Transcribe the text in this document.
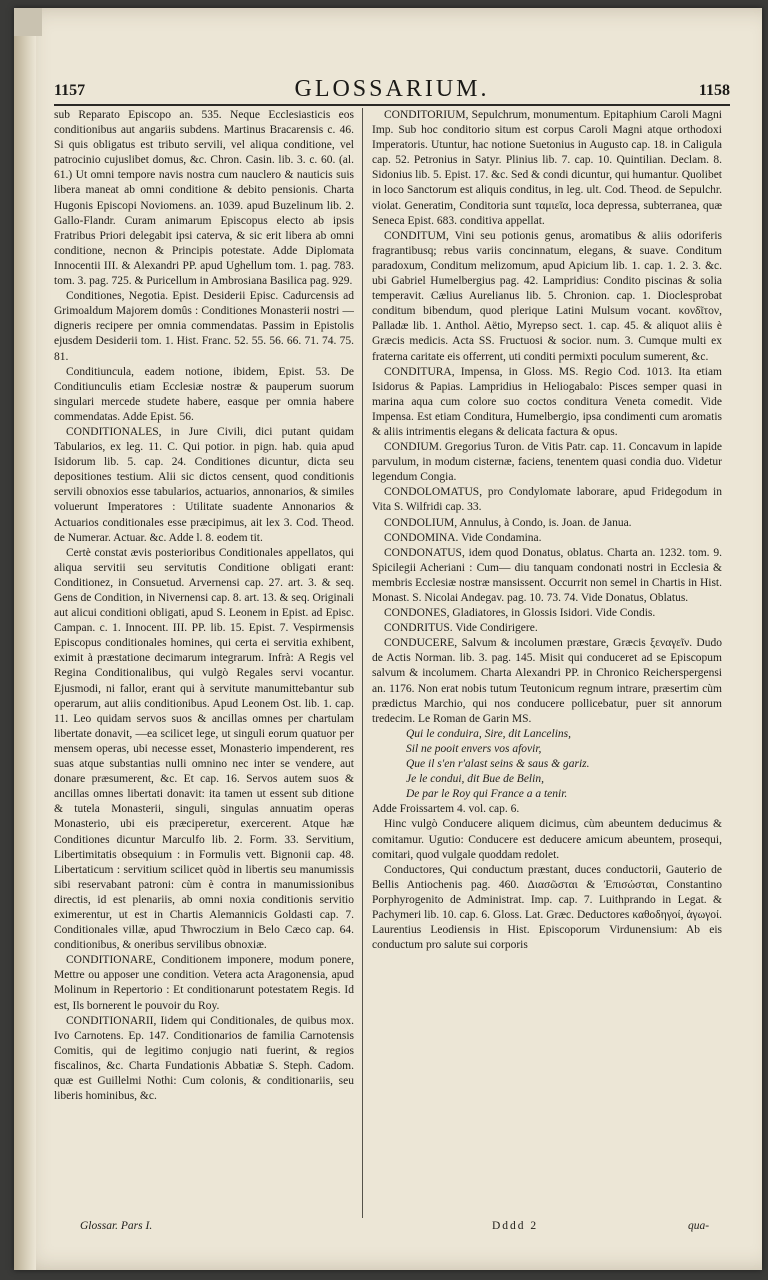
1157	GLOSSARIUM.	1158

sub Reparato Episcopo an. 535. Neque Ecclesiasticis eos conditionibus aut angariis subdens. Martinus Bracarensis c. 46. Si quis obligatus est tributo servili, vel aliqua conditione, vel patrocinio cujuslibet domus, &c. Chron. Casin. lib. 3. c. 60. (al. 61.) Ut omni tempore navis nostra cum nauclero & nauticis suis libera maneat ab omni conditione & debito pensionis. Charta Hugonis Episcopi Noviomens. an. 1039. apud Buzelinum lib. 2. Gallo-Flandr. Curam animarum Episcopus electo ab ipsis Fratribus Priori delegabit ipsi caterva, & sic erit libera ab omni conditione, necnon & Principis potestate. Adde Diplomata Innocentii III. & Alexandri PP. apud Ughellum tom. 1. pag. 783. tom. 3. pag. 725. & Puricellum in Ambrosiana Basilica pag. 929.

Conditiones, Negotia. Epist. Desiderii Episc. Cadurcensis ad Grimoaldum Majorem domûs : Conditiones Monasterii nostri —digneris recipere per omnia commendatas. Passim in Epistolis ejusdem Desiderii tom. 1. Hist. Franc. 52. 55. 56. 66. 71. 74. 75. 81.

Conditiuncula, eadem notione, ibidem, Epist. 53. De Conditiunculis etiam Ecclesiæ nostræ & pauperum suorum singulari mercede studete habere, easque per omnia habere commendatas. Adde Epist. 56.

CONDITIONALES, in Jure Civili, dici putant quidam Tabularios, ex leg. 11. C. Qui potior. in pign. hab. quia apud Isidorum lib. 5. cap. 24. Conditiones dicuntur, dicta seu depositiones testium. Alii sic dictos censent, quod conditionis servili obnoxios esse tabularios, actuarios, annonarios, & similes voluerunt Imperatores : Utilitate suadente Annonarios & Actuarios conditionales esse præcipimus, ait lex 3. Cod. Theod. de Numerar. Actuar. &c. Adde l. 8. eodem tit.

Certè constat ævis posterioribus Conditionales appellatos, qui aliqua servitii seu servitutis Conditione obligati erant: Conditionez, in Consuetud. Arvernensi cap. 27. art. 3. & seq. Gens de Condition, in Nivernensi cap. 8. art. 13. & seq. Originali aut alicui conditioni obligati, apud S. Leonem in Epist. ad Episc. Campan. c. 1. Innocent. III. PP. lib. 15. Epist. 7. Vespirmensis Episcopus conditionales homines, qui certa ei servitia exhibent, eximit à præstatione decimarum integrarum. Infrà: A Regis vel Regina Conditionalibus, qui vulgò Regales servi vocantur. Ejusmodi, ni fallor, erant qui à servitute manumittebantur sub operarum, aut aliis conditionibus. Apud Leonem Ost. lib. 1. cap. 11. Leo quidam servos suos & ancillas omnes per chartulam libertate donavit, —ea scilicet lege, ut singuli eorum quatuor per mensem operas, ubi necesse esset, Monasterio impenderent, res suas atque substantias nulli omnino nec inter se vendere, aut donare præsumerent, &c. Et cap. 16. Servos autem suos & ancillas omnes libertati donavit: ita tamen ut essent sub ditione & tutela Monasterii, singuli, singulas annuatim operas Monasterio, ubi eis præciperetur, exercerent. Atque hæ Conditiones dicuntur Marculfo lib. 2. Form. 33. Servitium, Libertimitatis obsequium : in Formulis vett. Bignonii cap. 48. Libertaticum : servitium scilicet quòd in libertis seu manumissis sibi reservabant patroni: cùm è contra in manumissionibus directis, id est plenariis, ab omni noxia conditionis servitio eximerentur, ut est in Chartis Alemannicis Goldasti cap. 7. Conditionales villæ, apud Thwroczium in Belo Cæco cap. 64. conditionibus, & oneribus servilibus obnoxiæ.

CONDITIONARE, Conditionem imponere, modum ponere, Mettre ou apposer une condition. Vetera acta Aragonensia, apud Molinum in Repertorio : Et conditionarunt potestatem Regis. Id est, Ils bornerent le pouvoir du Roy.

CONDITIONARII, Iidem qui Conditionales, de quibus mox. Ivo Carnotens. Ep. 147. Conditionarios de familia Carnotensis Comitis, qui de legitimo conjugio nati fuerint, & regios fiscalinos, &c. Charta Fundationis Abbatiæ S. Steph. Cadom. quæ est Guillelmi Nothi: Cum colonis, & conditionariis, seu liberis hominibus, &c.

CONDITORIUM, Sepulchrum, monumentum. Epitaphium Caroli Magni Imp. Sub hoc conditorio situm est corpus Caroli Magni atque orthodoxi Imperatoris. Utuntur, hac notione Suetonius in Augusto cap. 18. in Caligula cap. 52. Petronius in Satyr. Plinius lib. 7. cap. 10. Quintilian. Declam. 8. Sidonius lib. 5. Epist. 17. &c. Sed & condi dicuntur, qui humantur. Quolibet in loco Sanctorum est aliquis conditus, in leg. ult. Cod. Theod. de Sepulchr. violat. Generatim, Conditoria sunt ταμιεῖα, loca depressa, subterranea, quæ Seneca Epist. 683. conditiva appellat.

CONDITUM, Vini seu potionis genus, aromatibus & aliis odoriferis fragrantibusq; rebus variis concinnatum, elegans, & suave. Conditum paradoxum, Conditum melizomum, apud Apicium lib. 1. cap. 1. 2. 3. &c. ubi Gabriel Humelbergius pag. 42. Lampridius: Condito piscinas & solia temperavit. Cælius Aurelianus lib. 5. Chronion. cap. 1. Dioclesprobat conditum bibendum, quod plerique Latini Mulsum vocant. κονδῖτον, Palladæ lib. 1. Anthol. Aëtio, Myrepso sect. 1. cap. 45. & aliquot aliis è Græcis medicis. Acta SS. Fructuosi & socior. num. 3. Cumque multi ex fraterna caritate eis offerrent, uti conditi permixti poculum sumerent, &c.

CONDITURA, Impensa, in Gloss. MS. Regio Cod. 1013. Ita etiam Isidorus & Papias. Lampridius in Heliogabalo: Pisces semper quasi in marina aqua cum colore suo coctos conditura Veneta comedit. Vide Impensa. Est etiam Conditura, Humelbergio, ipsa condimenti cum aromatis & aliis intrimentis elegans & delicata factura & opus.

CONDIUM. Gregorius Turon. de Vitis Patr. cap. 11. Concavum in lapide parvulum, in modum cisternæ, faciens, tenentem quasi condia duo. Videtur legendum Congia.

CONDOLOMATUS, pro Condylomate laborare, apud Fridegodum in Vita S. Wilfridi cap. 33.

CONDOLIUM, Annulus, à Condo, is. Joan. de Janua.

CONDOMINA. Vide Condamina.

CONDONATUS, idem quod Donatus, oblatus. Charta an. 1232. tom. 9. Spicilegii Acheriani : Cum— diu tanquam condonati nostri in Ecclesia & membris Ecclesiæ nostræ mansissent. Occurrit non semel in Chartis in Hist. Monast. S. Nicolai Andegav. pag. 10. 73. 74. Vide Donatus, Oblatus.

CONDONES, Gladiatores, in Glossis Isidori. Vide Condis.

CONDRITUS. Vide Condirigere.

CONDUCERE, Salvum & incolumen præstare, Græcis ξεναγεῖν. Dudo de Actis Norman. lib. 3. pag. 145. Misit qui conduceret ad se Episcopum salvum & incolumem. Charta Alexandri PP. in Chronico Reicherspergensi an. 1176. Non erat nobis tutum Teutonicum regnum intrare, præsertim cùm prædictus Marchio, qui nos conducere pollicebatur, puer sit annorum tredecim. Le Roman de Garin MS.

Qui le conduira, Sire, dit Lancelins,

Sil ne pooit envers vos afovir,

Que il s'en r'alast seins & saus & gariz.

Je le condui, dit Bue de Belin,

De par le Roy qui France a a tenir.

Adde Froissartem 4. vol. cap. 6.

Hinc vulgò Conducere aliquem dicimus, cùm abeuntem deducimus & comitamur. Ugutio: Conducere est deducere amicum abeuntem, prosequi, comitari, quod vulgale quoddam redolet.

Conductores, Qui conductum præstant, duces conductorii, Gauterio de Bellis Antiochenis pag. 460. Διασῶσται & Ἐπισώσται, Constantino Porphyrogenito de Administrat. Imp. cap. 7. Luithprando in Legat. & Pachymeri lib. 10. cap. 6. Gloss. Lat. Græc. Deductores καθοδηγοί, ἀγωγοί. Laurentius Leodiensis in Hist. Episcoporum Virdunensium: Ab eis conductum pro salute sui corporis

Glossar. Pars I.	Dddd 2	qua-
